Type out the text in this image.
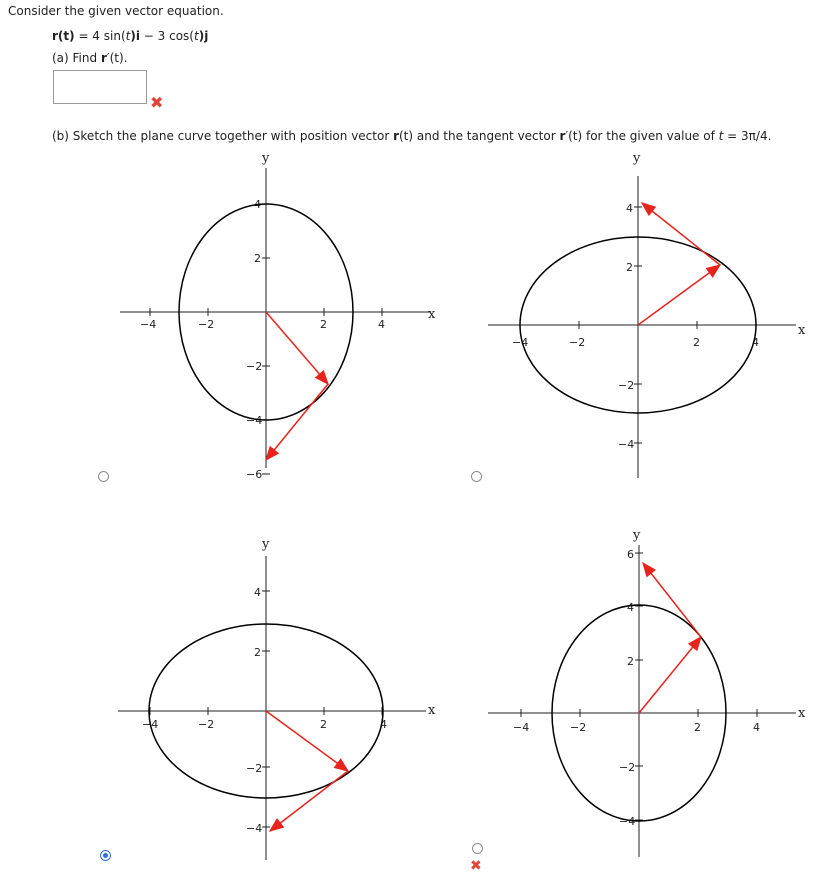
Consider the given vector equation.
r(t) = 4 sin(t)i − 3 cos(t)j
(a) Find r′(t).
✖
(b) Sketch the plane curve together with position vector r(t) and the tangent vector r′(t) for the given value of t = 3π/4.
✖
y
x
−4	−2	2	4
4
2
−2
−4
−6
y
x
−4	−2	2	4
4
2
−2
−4
y
x
−4	−2	2	4
4
2
−2
−4
y
x
−4	−2	2	4
6
4
2
−2
−4
